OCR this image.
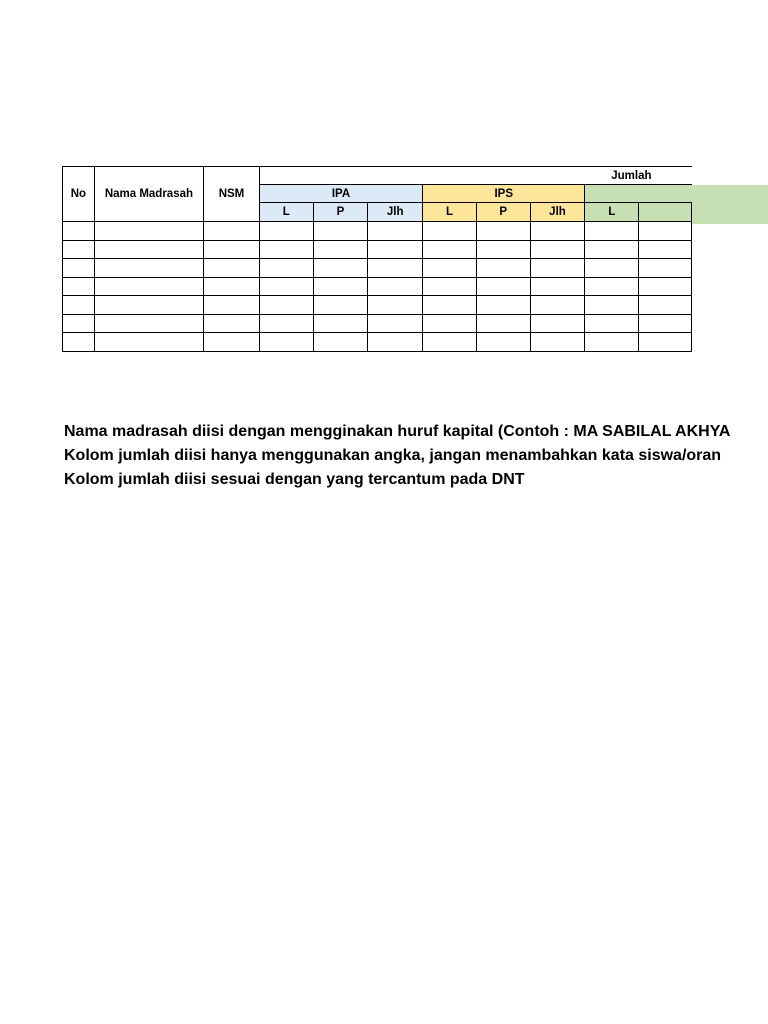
No	Nama Madrasah	NSM	Jumlah							
			IPA			IPS				
			L	P	Jlh	L	P	Jlh	L	

Nama madrasah diisi dengan mengginakan huruf kapital (Contoh : MA SABILAL AKHYA
Kolom jumlah diisi hanya menggunakan angka, jangan menambahkan kata siswa/oran
Kolom jumlah diisi sesuai dengan yang tercantum pada DNT
